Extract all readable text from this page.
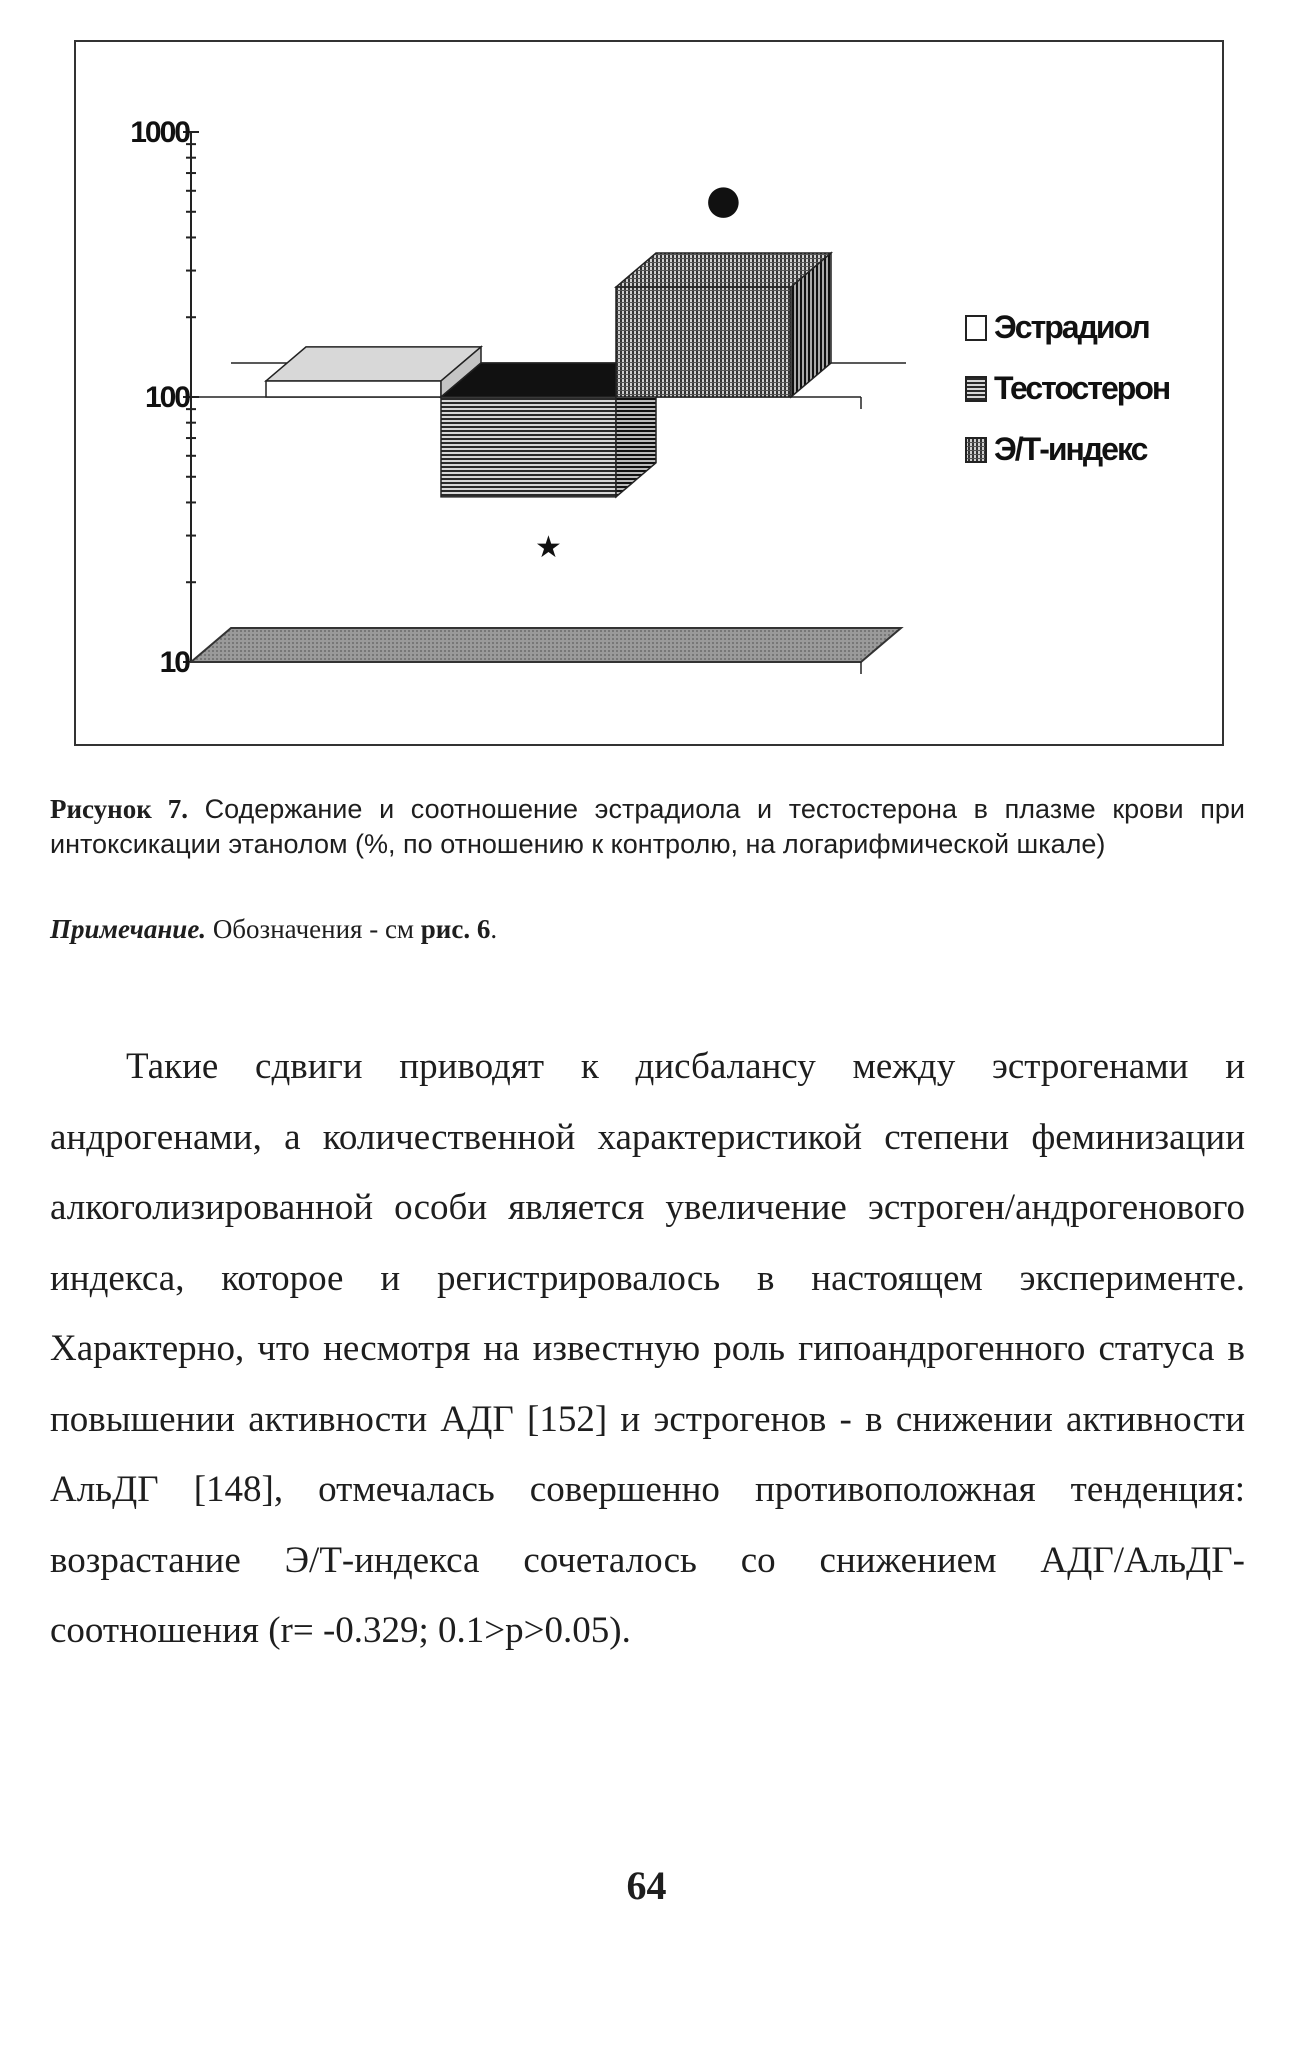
1000
100
10
★
●
Эстрадиол
Тестостерон
Э/Т-индекс
Рисунок 7. Содержание и соотношение эстрадиола и тестостерона в плазме крови при интоксикации этанолом (%, по отношению к контролю, на логарифмической шкале)
Примечание. Обозначения - см рис. 6.

Такие сдвиги приводят к дисбалансу между эстрогенами и андрогенами, а количественной характеристикой степени феминизации алкоголизированной особи является увеличение эстроген/андрогенового индекса, которое и регистрировалось в настоящем эксперименте. Характерно, что несмотря на известную роль гипоандрогенного статуса в повышении активности АДГ [152] и эстрогенов - в снижении активности АльДГ [148], отмечалась совершенно противоположная тенденция: возрастание Э/Т-индекса сочеталось со снижением АДГ/АльДГ-соотношения (r= -0.329; 0.1>p>0.05).

64
